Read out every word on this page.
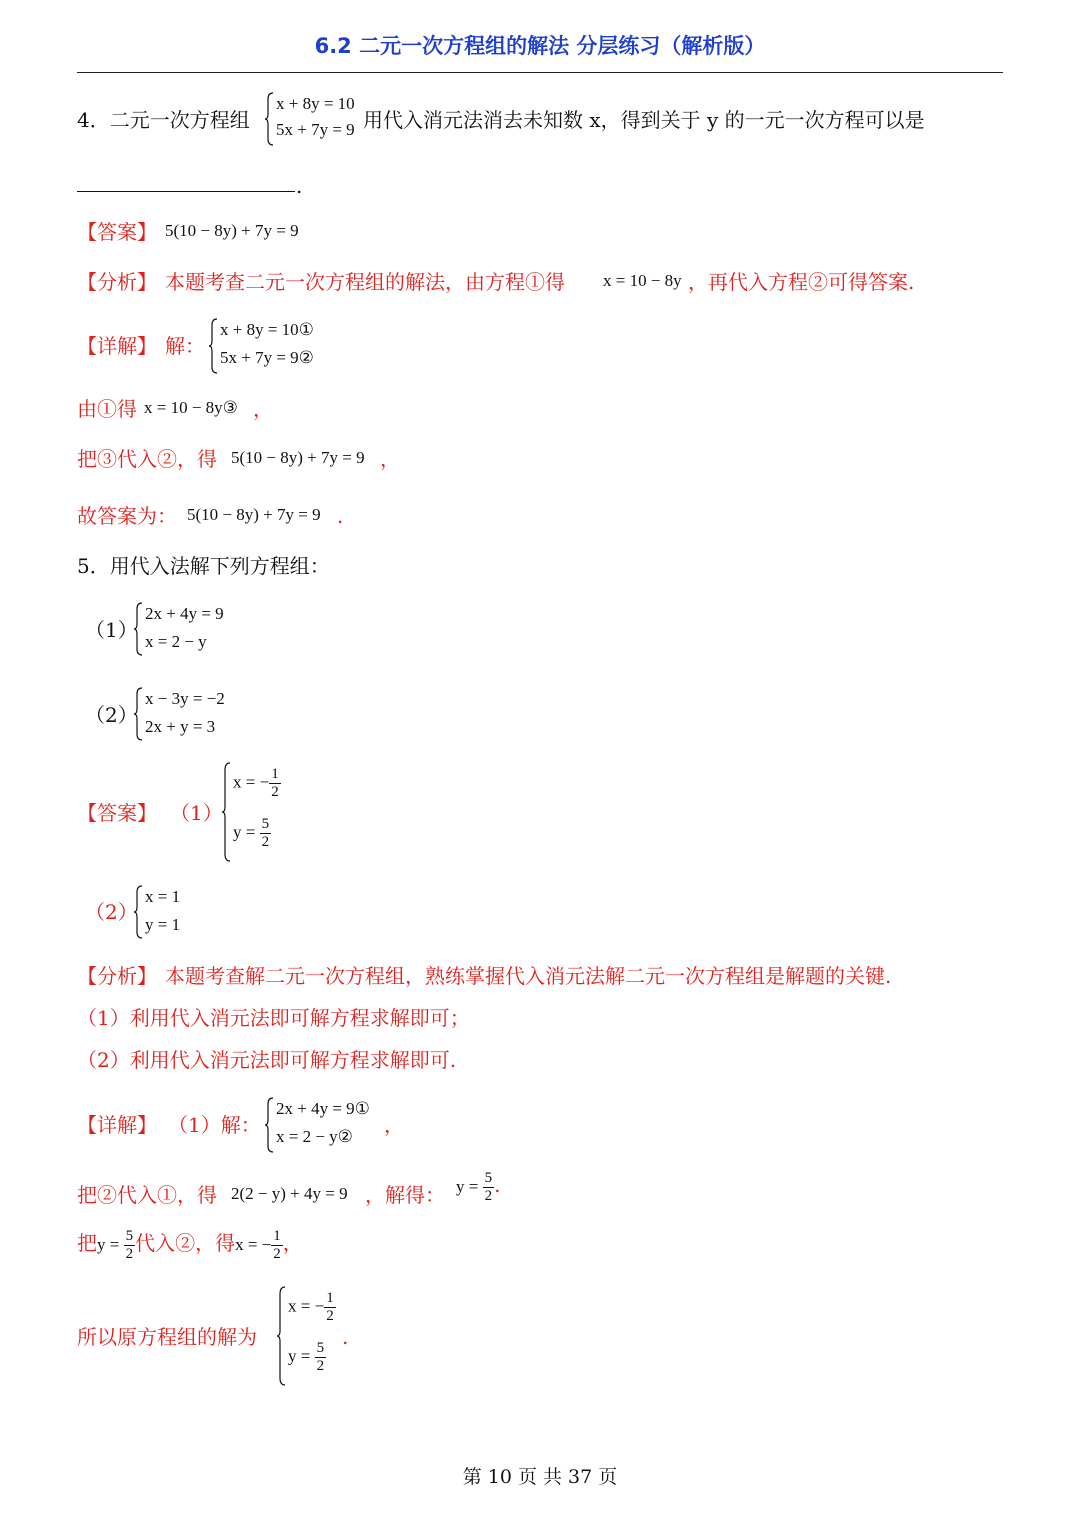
6.2 二元一次方程组的解法 分层练习（解析版）
4．二元一次方程组
x + 8y = 10
5x + 7y = 9 用代入消元法消去未知数 x，得到关于 y 的一元一次方程可以是
.
【答案】 5(10 − 8y) + 7y = 9
【分析】 本题考查二元一次方程组的解法，由方程①得 x = 10 − 8y ，再代入方程②可得答案.
【详解】 解：
x + 8y = 10①
5x + 7y = 9②
由①得 x = 10 − 8y③ ，
把③代入②，得 5(10 − 8y) + 7y = 9 ，
故答案为： 5(10 − 8y) + 7y = 9 .
5．用代入法解下列方程组：
（1）
2x + 4y = 9
x = 2 − y
（2）
x − 3y = −2
2x + y = 3
【答案】 （1）
x = − $\frac{1}{2}$
$y = \frac{5}{2}$
（2）
x = 1
y = 1
【分析】 本题考查解二元一次方程组，熟练掌握代入消元法解二元一次方程组是解题的关键.
（1）利用代入消元法即可解方程求解即可；
（2）利用代入消元法即可解方程求解即可.
【详解】 （1）解：
2x + 4y = 9①
x = 2 − y② ，
把②代入①，得 2(2 − y) + 4y = 9 ，解得： $y = \frac{5}{2}$ .
把$y = \frac{5}{2}$ 代入②，得x = − $\frac{1}{2}$ ，
所以原方程组的解为
x = − $\frac{1}{2}$
$y = \frac{5}{2}$
.
第 10 页 共 37 页
